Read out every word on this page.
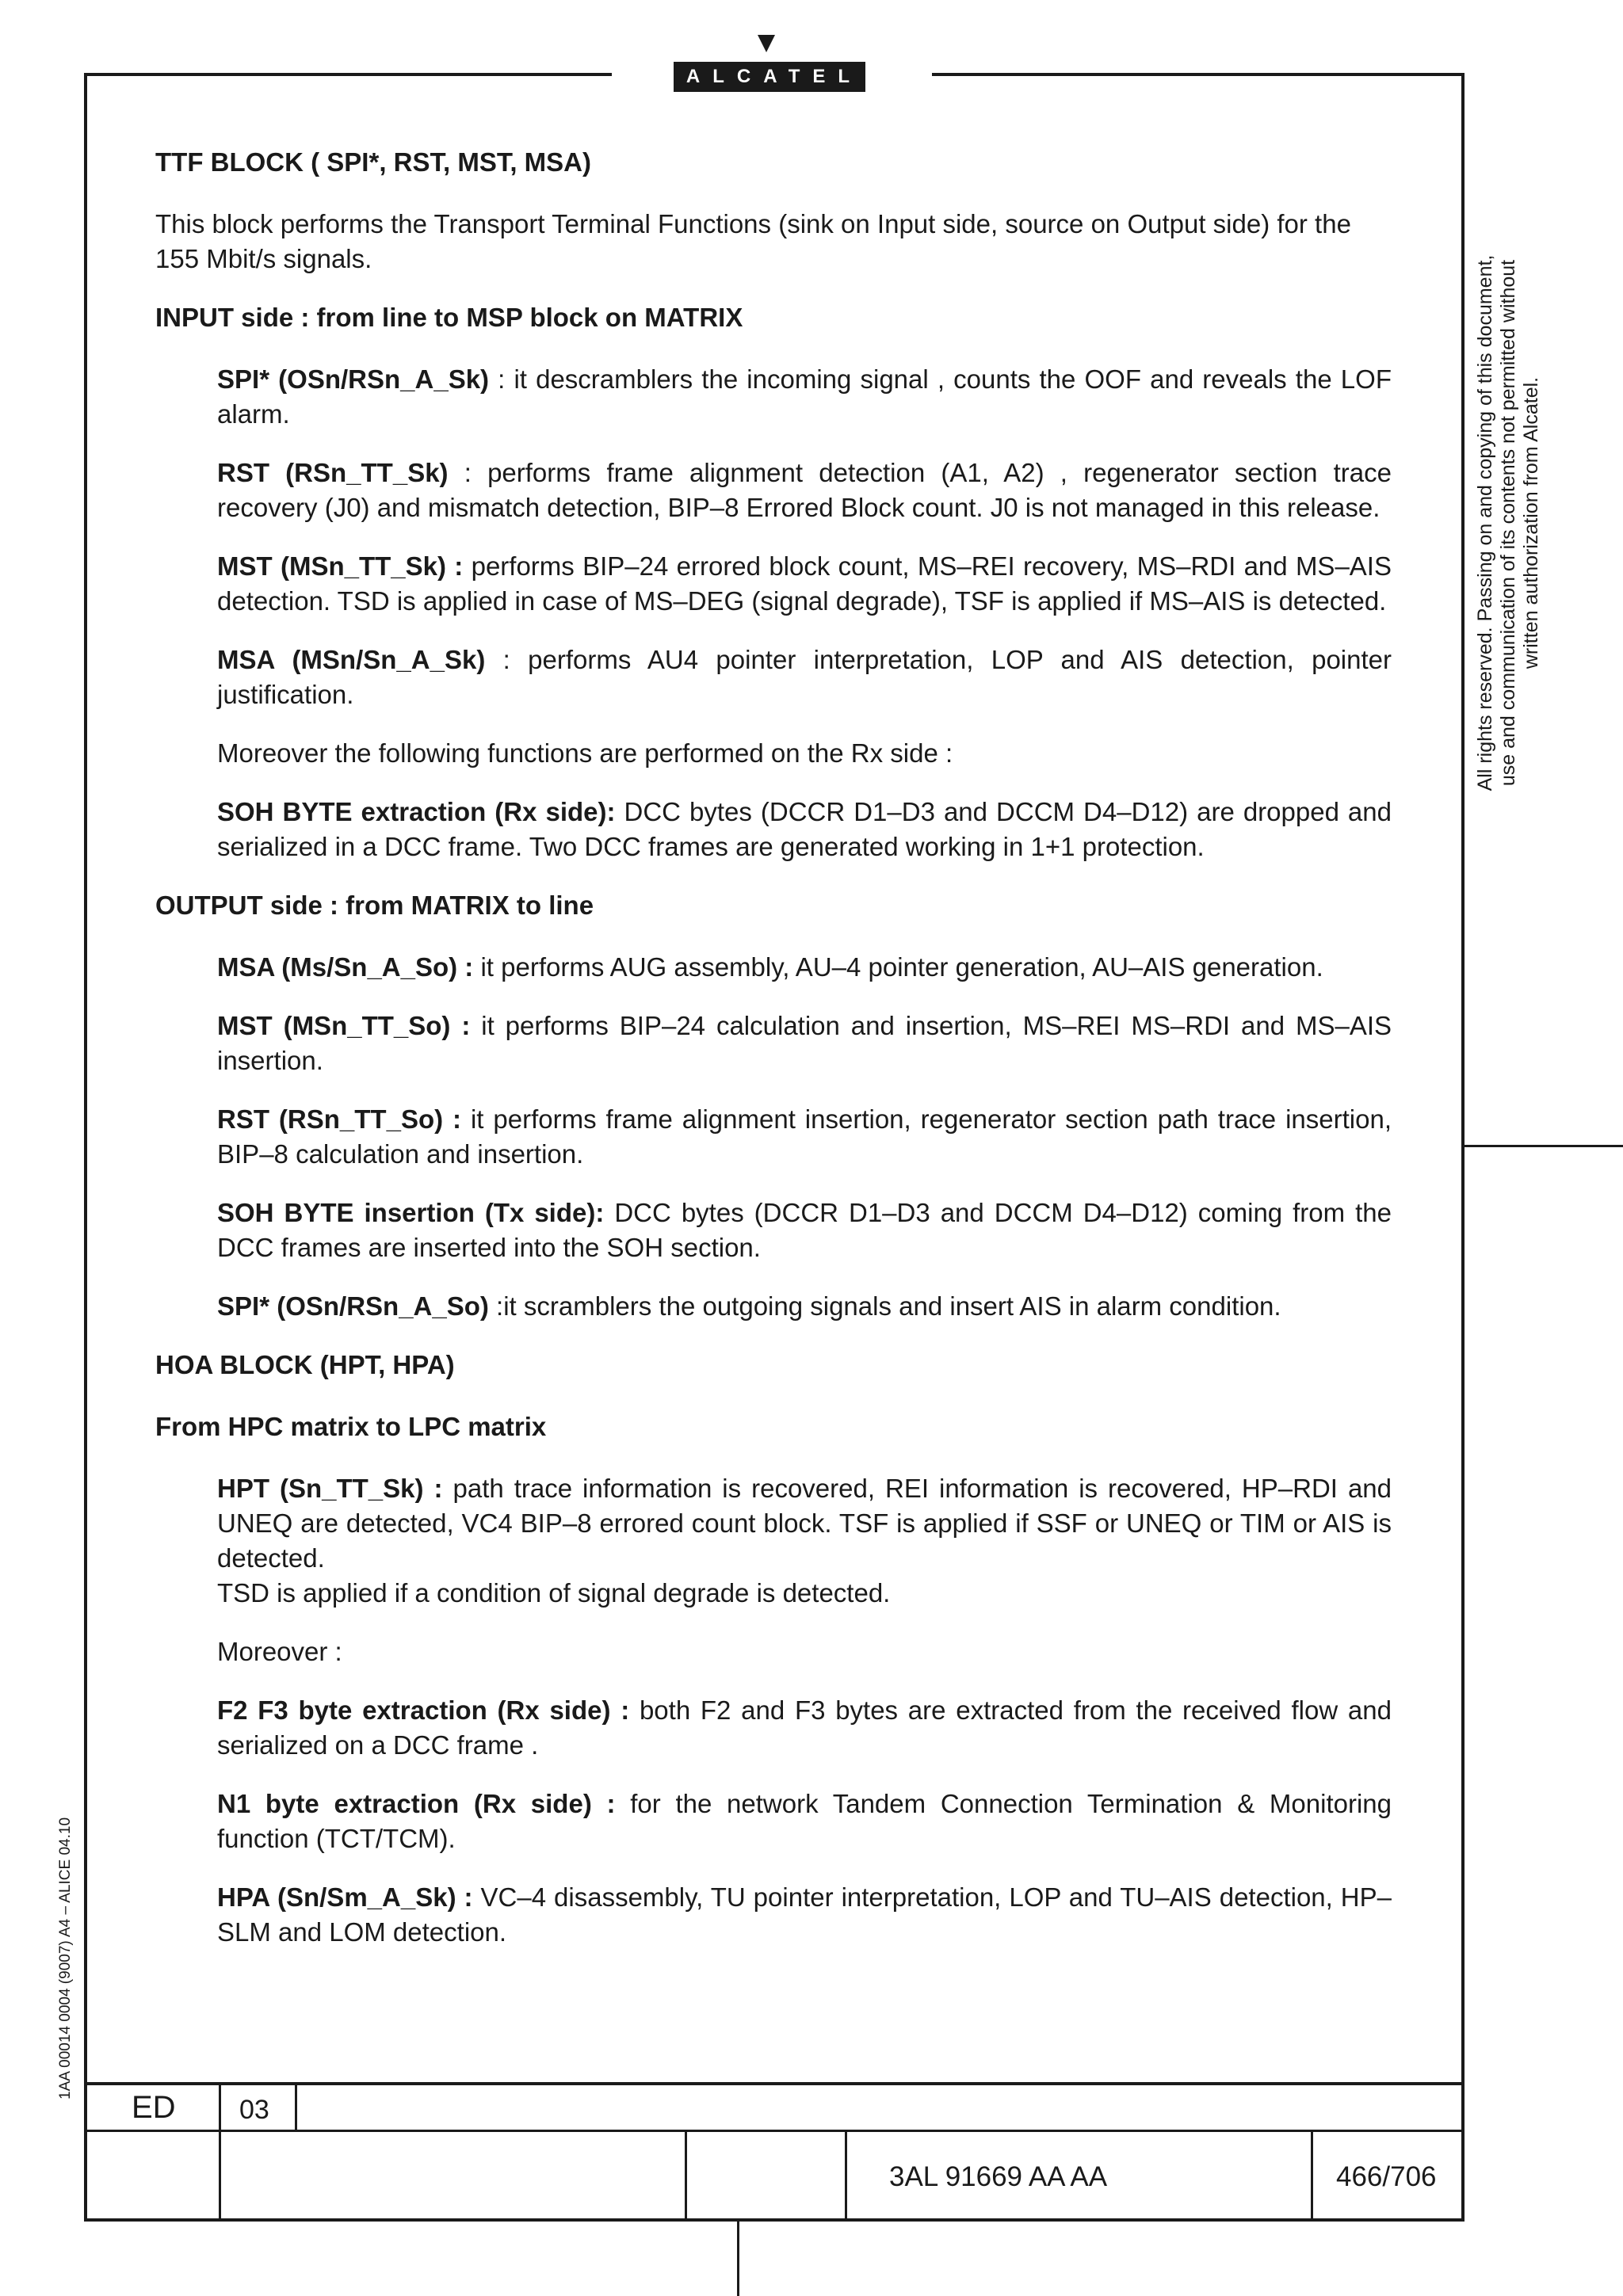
ALCATEL

TTF BLOCK ( SPI*, RST, MST, MSA)

This block performs the Transport Terminal Functions (sink on Input side, source on Output side) for the 155 Mbit/s signals.

INPUT side : from line to MSP block on MATRIX

SPI* (OSn/RSn_A_Sk) : it descramblers the incoming signal , counts the OOF and reveals the LOF alarm.

RST (RSn_TT_Sk) : performs frame alignment detection (A1, A2) , regenerator section trace recovery (J0) and mismatch detection, BIP–8 Errored Block count. J0 is not managed in this release.

MST (MSn_TT_Sk) : performs BIP–24 errored block count, MS–REI recovery, MS–RDI and MS–AIS detection. TSD is applied in case of MS–DEG (signal degrade), TSF is applied if MS–AIS is detected.

MSA (MSn/Sn_A_Sk) : performs AU4 pointer interpretation, LOP and AIS detection, pointer justification.

Moreover the following functions are performed on the Rx side :

SOH BYTE extraction (Rx side): DCC bytes (DCCR D1–D3 and DCCM D4–D12) are dropped and serialized in a DCC frame. Two DCC frames are generated working in 1+1 protection.

OUTPUT side : from MATRIX to line

MSA (Ms/Sn_A_So) : it performs AUG assembly, AU–4 pointer generation, AU–AIS generation.

MST (MSn_TT_So) : it performs BIP–24 calculation and insertion, MS–REI MS–RDI and MS–AIS insertion.

RST (RSn_TT_So) : it performs frame alignment insertion, regenerator section path trace insertion, BIP–8 calculation and insertion.

SOH BYTE insertion (Tx side): DCC bytes (DCCR D1–D3 and DCCM D4–D12) coming from the DCC frames are inserted into the SOH section.

SPI* (OSn/RSn_A_So) :it scramblers the outgoing signals and insert AIS in alarm condition.

HOA BLOCK (HPT, HPA)

From HPC matrix to LPC matrix

HPT (Sn_TT_Sk) : path trace information is recovered, REI information is recovered, HP–RDI and UNEQ are detected, VC4 BIP–8 errored count block. TSF is applied if SSF or UNEQ or TIM or AIS is detected.
TSD is applied if a condition of signal degrade is detected.

Moreover :

F2 F3 byte extraction (Rx side) : both F2 and F3 bytes are extracted from the received flow and serialized on a DCC frame .

N1 byte extraction (Rx side) : for the network Tandem Connection Termination & Monitoring function (TCT/TCM).

HPA (Sn/Sm_A_Sk) : VC–4 disassembly, TU pointer interpretation, LOP and TU–AIS detection, HP–SLM and LOM detection.

All rights reserved. Passing on and copying of this document, use and communication of its contents not permitted without written authorization from Alcatel.
1AA 00014 0004 (9007) A4 – ALICE 04.10
ED 03
3AL 91669 AA AA	466/706
